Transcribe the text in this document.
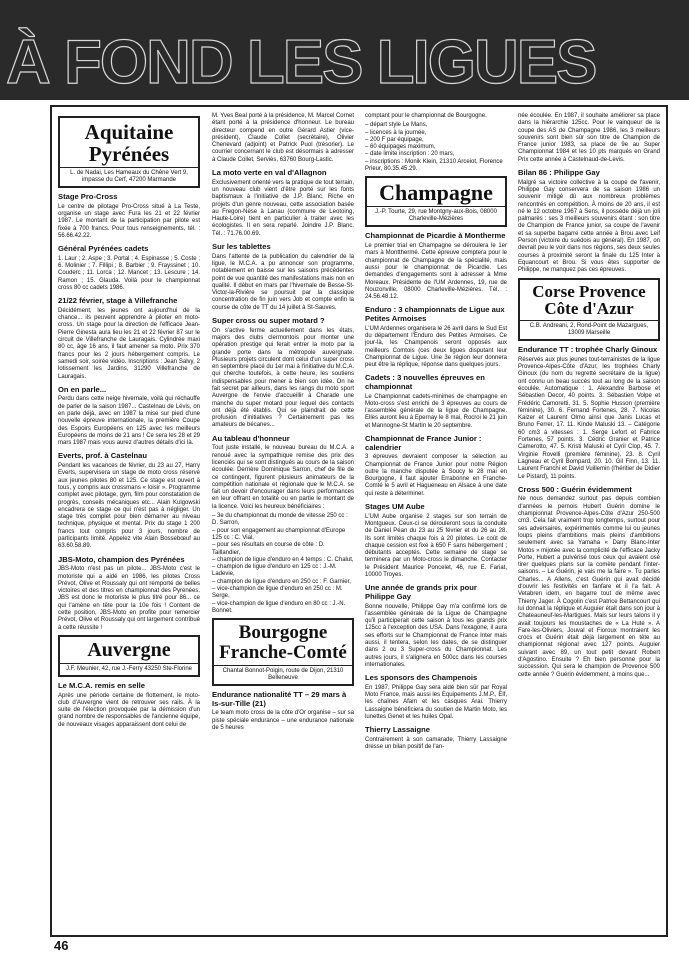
À FOND LES LIGUES
Aquitaine Pyrénées
L. de Nadai, Les Hameaux du Chêne Vert 9, impasse du Cerf, 47200 Marmande
Stage Pro-Cross

Le centre de pilotage Pro-Cross situé à La Teste, organise un stage avec Fura les 21 et 22 février 1987. Le montant de la participation par pilote est fixée à 700 francs. Pour tous renseignements, tél. : 56.66.42.22.

Général Pyrénées cadets

1. Laur ; 2. Aspe ; 3. Portal ; 4. Espinasse ; 5. Coste ; 6. Molinier ; 7. Fillipi ; 8. Barbier ; 9. Frayssinet ; 10. Couderc ; 11. Lorca ; 12. Mancet ; 13. Lescure ; 14. Ramon ; 15. Glauda. Voilà pour le championnat cross 80 cc cadets 1986.

21/22 février, stage à Villefranche

Décidément, les jeunes ont aujourd'hui de la chance... ils peuvent apprendre à piloter en moto-cross. Un stage pour la direction de l'efficace Jean-Pierre Ginesta aura lieu les 21 et 22 février 87 sur le circuit de Villefranche de Lauragais. Cylindrée maxi 80 cc, âge 16 ans, il faut amener sa moto. Prix 370 francs pour les 2 jours hébergement compris. Le samedi soir, soirée vidéo. Inscriptions : Jean Salvy, 2 lotissement les Jardins, 31290 Villefranche de Lauragais.

On en parle...

Perdu dans cette neige hivernale, voilà qui réchauffe de parler de la saison 1987... Castelnau de Lévis, on en parle déjà, avec en 1987 la mise sur pied d'une nouvelle épreuve internationale, la première Coupe des Espoirs Européens en 125 avec les meilleurs Européens de moins de 21 ans ! Ce sera les 28 et 29 mars 1987 mais vous aurez d'autres détails d'ici là.

Everts, prof. à Castelnau

Pendant les vacances de février, du 23 au 27, Harry Everts, supervisera un stage de moto cross réservé aux jeunes pilotes 80 et 125. Ce stage est ouvert à tous, y compris aux crossmans « loisir ». Programme complet avec pilotage, gym, film pour constatation de progrès, conseils mécaniques etc... Alain Kulgowski encadrera ce stage ce qui n'est pas à négliger. Un stage très complet pour bien démarrer au niveau technique, physique et mental. Prix du stage 1 200 francs tout compris pour 3 jours, nombre de participants limité. Appelez vite Alain Bossebœuf au 63.60.58.89.

JBS-Moto, champion des Pyrénées

JBS-Moto n'est pas un pilote... JBS-Moto c'est le motoriste qui a aidé en 1986, les pilotes Cross Prévot, Olive et Roussaly qui ont remporté de belles victoires et des titres en championnat des Pyrénées. JBS est donc le motoriste le plus titré pour 86... ce qui l'amène en tête pour la 10e fois ! Content de cette position, JBS-Moto en profite pour remercier Prévot, Olive et Roussaly qui ont largement contribué à cette réussite !

Auvergne
J.F. Meunier, 42, rue J.-Ferry 43250 Ste-Florine
Le M.C.A. remis en selle

Après une période certaine de flottement, le moto-club d'Auvergne vient de retrouver ses rails. À la suite de l'élection provoquée par la démission d'un grand nombre de responsables de l'ancienne équipe, de nouveaux visages apparaissent dont celui de

M. Yves Beal porté à la présidence, M. Marcel Cornet étant porté à la présidence d'honneur. Le bureau directeur compend en outre Gérard Astier (vice-président), Claude Collet (secrétaire), Olivier Chenevard (adjoint) et Patrick Puol (trésorier). Le courrier concernant le club est désormais à adresser à Claude Collet, Serviès, 63760 Bourg-Lastic.

La moto verte en val d'Allagnon

Exclusivement orienté vers la pratique de tout terrain, un nouveau club vient d'être porté sur les fonts baptismaux à l'initiative de J.P. Blanc. Riche en projets d'un genre nouveau, cette association basée au Fregon-Nèse à Lanau (commune de Leotoing, Haute-Loire) tient en particulier à traiter avec les écologistes. Il en sera reparlé. Joindre J.P. Blanc. Tél. : 71.76.00.69.

Sur les tablettes

Dans l'attente de la publication du calendrier de la ligue, le M.C.A. a pu annoncer son programme, notablement en baisse sur les saisons précédentes point de vue quantité des manifestations mais non en qualité. Il début en mars par l'hivernale de Besse-St-Victor-la-Rivière se poursuit par la classique concentration de fin juin vers Job et compte enfin la course de côte de TT du 14 juillet à St-Sauves.

Super cross ou super motard ?

On s'active ferme actuellement dans les états, majors des clubs clermontois pour monter une opération prestige qui ferait entrer la moto par la grande porte dans la métropole auvergnate. Plusieurs projets circulent dont celui d'un super cross en septembre placé du 1er mai à l'initiative du M.C.A. qui cherche toutefois, à cette heure, les soutiens indispensables pour mener à bien son idée. On ne fait secret par ailleurs, dans les rangs du moto sport Auvergne de l'envie d'accueillir à Charade une manche du super motard pour lequel des contacts ont déjà été établis. Qui se plaindrait de cette profusion d'initiatives ? Certainement pas les amateurs de bécanes...

Au tableau d'honneur

Tout juste installé, le nouveau bureau du M.C.A. a renoué avec la sympathique remise des prix des licenciés qui se sont distingués au cours de la saison écoulée. Derrière Dominique Sarron, chef de file de ce contingent, figurent plusieurs animateurs de la compétition nationale et régionale que le M.C.A. se fait un devoir d'encourager dans leurs performances en leur offrant en totalité ou en partie le montant de la licence. Voici les heureux bénéficiaires :

– 3e du championnat du monde de vitesse 250 cc : D. Sarron,
– pour son engagement au championnat d'Europe 125 cc : C. Vial,
– pour ses résultats en course de côte : D. Taillandier,
– champion de ligue d'enduro en 4 temps : C. Chalut,
– champion de ligue d'enduro en 125 cc : J.-M. Ladevie,
– champion de ligue d'enduro en 250 cc : F. Garnier,
– vice-champion de ligue d'enduro en 250 cc : M. Serge,
– vice-champion de ligue d'enduro en 80 cc : J.-N. Bonnet.
Bourgogne Franche-Comté
Chantal Bonnot-Poigin, route de Dijon, 21310 Belleneuve
Endurance nationalité TT – 29 mars à Is-sur-Tille (21)

Le team moto cross de la côte d'Or organise – sur sa piste spéciale endurance – une endurance nationale de 5 heures

comptant pour le championnat de Bourgogne.

– départ style Le Mans,
– licences à la journée,
– 200 F par équipage,
– 60 équipages maximum,
– date limite inscription : 20 mars,
– inscriptions : Monik Klein, 21310 Arceiot, Florence Prieur, 80.35.45.29.
Champagne
J.-P. Tourte, 29, rue Montgny-aux-Bois, 08000 Charleville-Mézières
Championnat de Picardie à Montherme

Le premier trial en Champagne se déroulera le 1er mars à Montthermé. Cette épreuve comptera pour le championnat de Champagne de la spécialité, mais aussi pour le championnat de Picardie. Les demandes d'engagements sont à adresser à Mme Moreaux. Présidente de l'UM Ardennes, 19, rue de Nouzonville, 08000 Charleville-Mézières. Tél. : 24.56.48.12.

Enduro : 3 championnats de Ligue aux Petites Armoises

L'UM Ardennes organisera le 26 avril dans le Sud Est du département l'Enduro des Petites Armoises. Ce jour-là, les Champenois seront opposés aux meilleurs Comtois (ces deux ligues disputant leur Championnat de Ligue. Une 3e région leur donnera peut être la réplique, réponse dans quelques jours.

Cadets : 3 nouvelles épreuves en championnat

Le Championnat cadets-minimes de champagne en Moto-cross s'est enrichi de 3 épreuves au cours de l'assemblée générale de la ligue de Champagne. Elles auront lieu à Epernay le 8 mai, Rocroi le 21 juin et Mannogne-St Martin le 20 septembre.

Championnat de France Junior : calendrier

3 épreuves devraient composer la sélection au Championnat de France Junior pour notre Région outre la manche disputée à Soucy le 28 mai en Bourgogne, il faut ajouter Errabonne en Franche-Comté le 5 avril et Hagueneau en Alsace à une date qui reste à déterminer.

Stages UM Aube

L'UM Aube organise 2 stages sur son terrain de Montgueux. Ceux-ci se dérouleront sous la conduite de Daniel Péan du 23 au 25 février et du 26 au 28. Ils sont limités chaque fois à 20 pilotes. Le coût de chaque cession est fixé à 650 F sans hébergement ; débutants acceptés. Cette semaine de stage se terminera par un Moto-cross le dimanche. Contacter le Président Maurice Poncelet, 46, rue E. Fariat, 10000 Troyes.

Une année de grands prix pour Philippe Gay

Bonne nouvelle, Philippe Gay m'a confirmé lors de l'assemblée générale de la Ligue de Champagne qu'il participerait cette saison à tous les grands prix 125cc à l'exception des USA. Dans l'exagone, il aura ses efforts sur le Championnat de France Inter mais aussi, il tentera, selon les dates, de se distinguer dans 2 ou 3 Super-cross du Championnat. Les autres jours, il s'alignera en 500cc dans les courses internationales.

Les sponsors des Champenois

En 1987, Philippe Gay sera aidé bien sûr par Royal Moto France, mais aussi les Equipements J.M.P., Elf, les chaînes Afam et les casques Arai. Thierry Lassaigne bénéficiera du soutien de Martin Moto, les lunettes Genet et les huiles Opal.

Thierry Lassaigne

Contrairement à son camarade, Thierry Lassaigne dresse un bilan positif de l'an-

née écoulée. En 1987, il souhaite améliorer sa place dans la hiérarchie 125cc. Pour le vainqueur de la coupe des AS de Champagne 1986, les 3 meilleurs souvenirs sont bien sûr son titre de Champion de France junior 1983, sa place de 9e au Super Championnat 1984 et les 10 pts marqués en Grand Prix cette année à Castelnaud-de-Levis.

Bilan 86 : Philippe Gay

Malgré sa victoire collective à la coupe de l'avenir, Philippe Gay conservera de sa saison 1986 un souvenir mitigé dû aux nombreux problèmes rencontrés en compétition. À moins de 20 ans, il est né le 12 octobre 1967 à Sens, il possède déjà un joli palmarès : ses 3 meilleurs souvenirs étant : son titre de Champion de France junior, sa coupe de l'avenir et sa superbe bagarre cette année à Brou avec Leif Person (victoire du suédois au général). En 1987, on devrait peu le voir dans nos régions, ses deux seules courses à proximité seront la finale du 125 Inter à Equancourt et Brou. Si vous êtes supporter de Philippe, ne manquez pas ces épreuves.

Corse Provence Côte d'Azur
C.B. Andreani, 2, Rond-Point de Mazargues, 13009 Marseille
Endurance TT : trophée Charly Ginoux

Réservés aux plus jeunes tout-terrainistes de la ligue Provence-Alpes-Côte d'Azur, les trophées Charly Ginoux (du nom du regretté secrétaire de la ligue) ont connu un beau succès tout au long de la saison écoulée. Automatique : 1. Alexandre Barbose et Sébastien Decor, 40 points. 3. Sébastien Volpe et Frédéric Camoretti, 31. 5. Sophie Husson (première féminine), 30. 6. Fernand Fortenes, 28. 7. Nicolas Kaizer et Laurent Olmo ainsi que Janis Lucas et Bruno Ferrer, 17. 11. Kinde Maluski 13. – Catégorie 60 cm3 à vitesses : 1. Serge Lefort et Fabrice Fortenes, 57 points. 3. Cédric Granier et Patrice Camerotto, 47. 5. Kristi Maluski et Cyril Clop, 45. 7. Virginie Rovelli (première féminine), 23. 8. Cyril Lagneau et Cyril Bompard, 20. 10. Gil Finn, 13. 11. Laurent Franchi et David Vuillemin (l'héritier de Didier Le Pistard), 11 points.

Cross 500 : Guérin évidemment

Ne nous demandez surtout pas depuis combien d'années le pernois Hubert Guérin domine le championnat Provence-Alpes-Côte d'Azur 250-500 cm3. Cela fait vraiment trop longtemps, surtout pour ses adversaires, expérimentés comme lui ou jeunes loups pleins d'ambitions mais pleins d'ambitions seulement avec sa Yamaha « Dany Blanc-Inter Motos » mijotée avec la complicité de l'efficace Jacky Porte, Hubert a pulvérisé tous ceux qui avaient osé tirer quelques plans sur la comète pendant l'inter-saisons. – Le Guérin, je vais me la faire ». Tu parles Charles... A Allens, c'est Guérin qui avait décidé d'ouvrir les festivités en fanfare et il l'a fait. A Vetabren idem, en bagarre tout de même avec Thierry Jager. À Cogolin c'est Patrice Bettancourt qui lui donnait la réplique et Auguier était dans son jour à Chateauneuf-les-Martigues. Mais sur leurs talons il y avait toujours les moustaches de « La Hute ». A Fare-les-Oliviers, Jouval et Fioroux montraient les crocs et Guérin était déjà largement en tête au championnat régional avec 127 points. Auguier suivant avec 89, un tout petit devant Robert d'Agostino. Ensuite ? Eh bien personne pour la succession. Qui sera le champion de Provence 500 cette année ? Guérin évidemment, à moins que...

46
